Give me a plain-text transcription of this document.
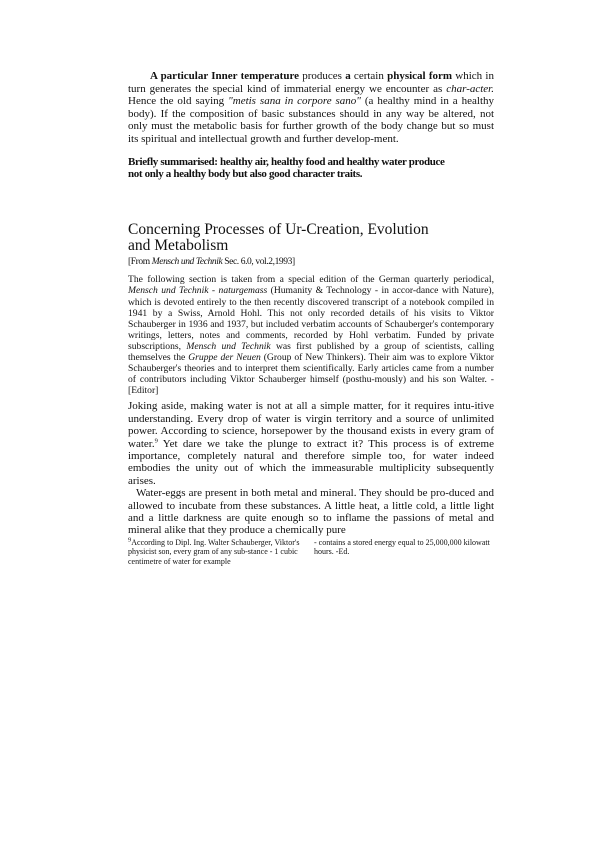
A particular Inner temperature produces a certain physical form which in turn generates the special kind of immaterial energy we encounter as char-acter. Hence the old saying "metis sana in corpore sano" (a healthy mind in a healthy body). If the composition of basic substances should in any way be altered, not only must the metabolic basis for further growth of the body change but so must its spiritual and intellectual growth and further develop-ment.

Briefly summarised: healthy air, healthy food and healthy water produce
not only a healthy body but also good character traits.
Concerning Processes of Ur-Creation, Evolution
and Metabolism

[From Mensch und Technik Sec. 6.0, vol.2,1993]

The following section is taken from a special edition of the German quarterly periodical, Mensch und Technik - naturgemass (Humanity & Technology - in accor-dance with Nature), which is devoted entirely to the then recently discovered transcript of a notebook compiled in 1941 by a Swiss, Arnold Hohl. This not only recorded details of his visits to Viktor Schauberger in 1936 and 1937, but included verbatim accounts of Schauberger's contemporary writings, letters, notes and comments, recorded by Hohl verbatim. Funded by private subscriptions, Mensch und Technik was first published by a group of scientists, calling themselves the Gruppe der Neuen (Group of New Thinkers). Their aim was to explore Viktor Schauberger's theories and to interpret them scientifically. Early articles came from a number of contributors including Viktor Schauberger himself (posthu-mously) and his son Walter. - [Editor]

Joking aside, making water is not at all a simple matter, for it requires intu-itive understanding. Every drop of water is virgin territory and a source of unlimited power. According to science, horsepower by the thousand exists in every gram of water.$^9$ Yet dare we take the plunge to extract it? This process is of extreme importance, completely natural and therefore simple too, for water indeed embodies the unity out of which the immeasurable multiplicity subsequently arises.

Water-eggs are present in both metal and mineral. They should be pro-duced and allowed to incubate from these substances. A little heat, a little cold, a little light and a little darkness are quite enough so to inflame the passions of metal and mineral alike that they produce a chemically pure

$^9$According to Dipl. Ing. Walter Schauberger, Viktor's physicist son, every gram of any sub-stance - 1 cubic centimetre of water for example
- contains a stored energy equal to 25,000,000 kilowatt hours. -Ed.
